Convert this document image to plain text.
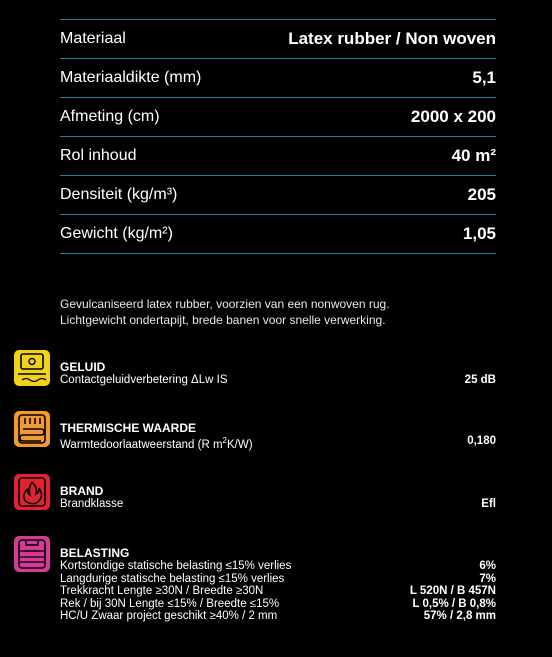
Materiaal	Latex rubber / Non woven
Materiaaldikte (mm)	5,1
Afmeting (cm)	2000 x 200
Rol inhoud	40 m²
Densiteit (kg/m³)	205
Gewicht (kg/m²)	1,05
Gevulcaniseerd latex rubber, voorzien van een nonwoven rug.
Lichtgewicht ondertapijt, brede banen voor snelle verwerking.
GELUID
Contactgeluidverbetering ΔLw IS	25 dB
THERMISCHE WAARDE
Warmtedoorlaatweerstand (R $m^2K/W$)	0,180
BRAND
Brandklasse	Efl
BELASTING
Kortstondige statische belasting ≤15% verlies	6%
Langdurige statische belasting ≤15% verlies	7%
Trekkracht Lengte ≥30N / Breedte ≥30N	L 520N / B 457N
Rek / bij 30N Lengte ≤15% / Breedte ≤15%	L 0,5% / B 0,8%
HC/U Zwaar project geschikt ≥40% / 2 mm	57% / 2,8 mm
